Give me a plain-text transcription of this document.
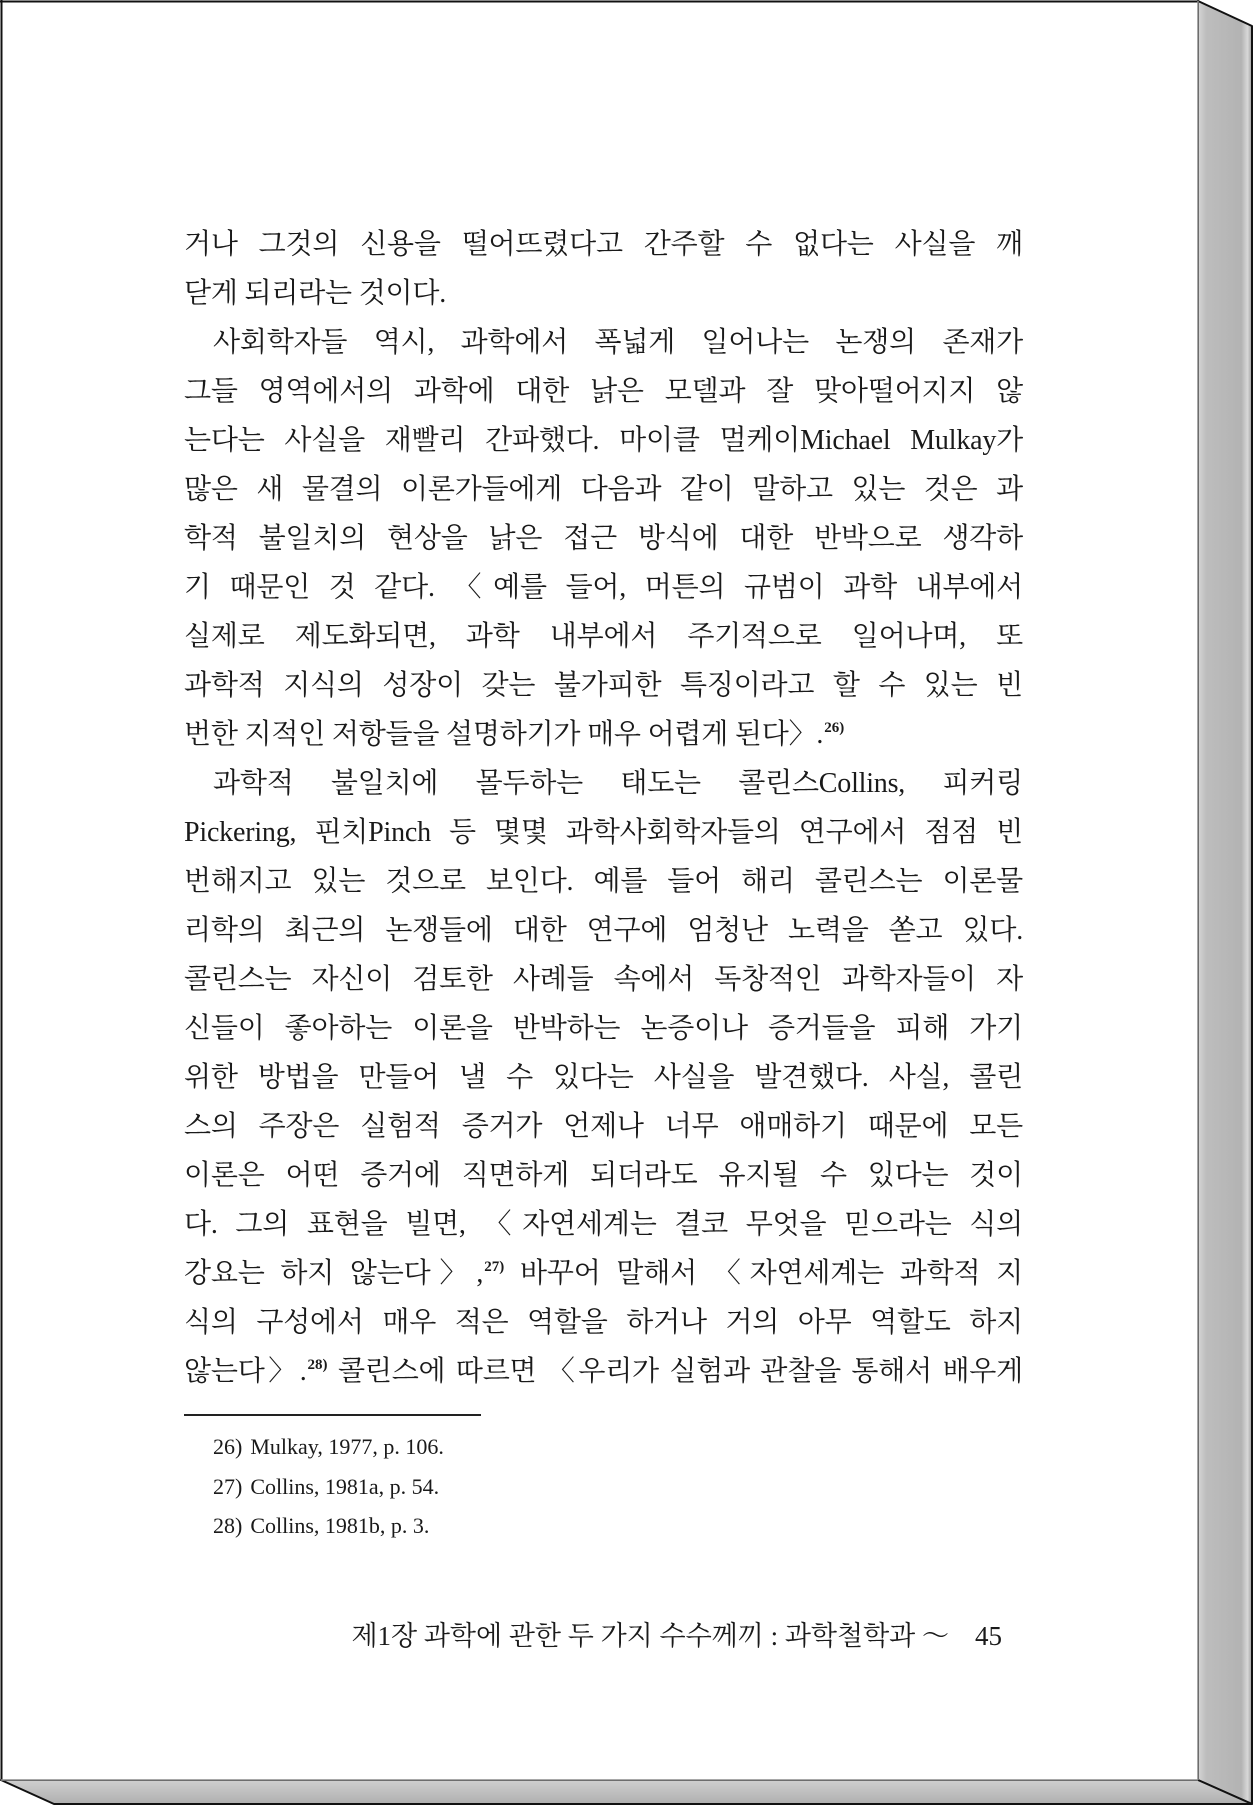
거나 그것의 신용을 떨어뜨렸다고 간주할 수 없다는 사실을 깨
닫게 되리라는 것이다.
사회학자들 역시, 과학에서 폭넓게 일어나는 논쟁의 존재가
그들 영역에서의 과학에 대한 낡은 모델과 잘 맞아떨어지지 않
는다는 사실을 재빨리 간파했다. 마이클 멀케이Michael Mulkay가
많은 새 물결의 이론가들에게 다음과 같이 말하고 있는 것은 과
학적 불일치의 현상을 낡은 접근 방식에 대한 반박으로 생각하
기 때문인 것 같다. 〈예를 들어, 머튼의 규범이 과학 내부에서
실제로 제도화되면, 과학 내부에서 주기적으로 일어나며, 또
과학적 지식의 성장이 갖는 불가피한 특징이라고 할 수 있는 빈
번한 지적인 저항들을 설명하기가 매우 어렵게 된다〉.$^{26)}$
과학적 불일치에 몰두하는 태도는 콜린스Collins, 피커링
Pickering, 핀치Pinch 등 몇몇 과학사회학자들의 연구에서 점점 빈
번해지고 있는 것으로 보인다. 예를 들어 해리 콜린스는 이론물
리학의 최근의 논쟁들에 대한 연구에 엄청난 노력을 쏟고 있다.
콜린스는 자신이 검토한 사례들 속에서 독창적인 과학자들이 자
신들이 좋아하는 이론을 반박하는 논증이나 증거들을 피해 가기
위한 방법을 만들어 낼 수 있다는 사실을 발견했다. 사실, 콜린
스의 주장은 실험적 증거가 언제나 너무 애매하기 때문에 모든
이론은 어떤 증거에 직면하게 되더라도 유지될 수 있다는 것이
다. 그의 표현을 빌면, 〈자연세계는 결코 무엇을 믿으라는 식의
강요는 하지 않는다〉,$^{27)}$ 바꾸어 말해서 〈자연세계는 과학적 지
식의 구성에서 매우 적은 역할을 하거나 거의 아무 역할도 하지
않는다〉.$^{28)}$ 콜린스에 따르면 〈우리가 실험과 관찰을 통해서 배우게
26) Mulkay, 1977, p. 106.
27) Collins, 1981a, p. 54.
28) Collins, 1981b, p. 3.
제1장 과학에 관한 두 가지 수수께끼 : 과학철학과 ～ 45
